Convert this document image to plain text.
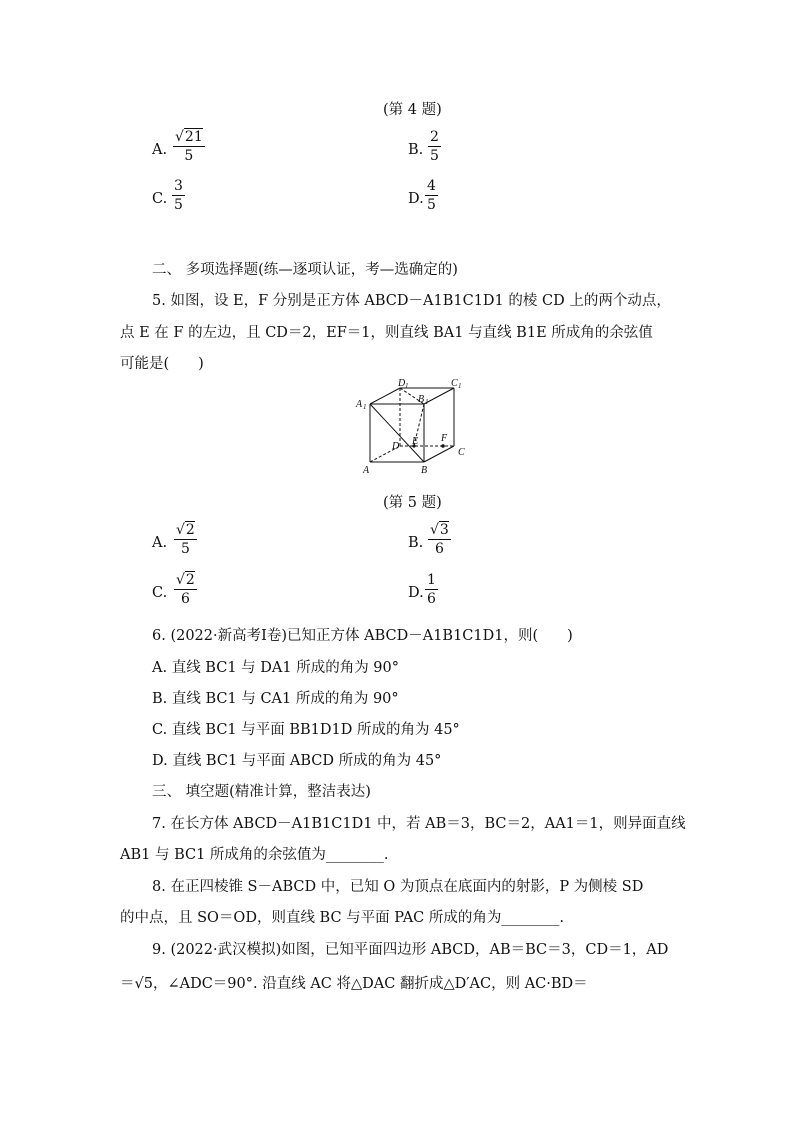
(第 4 题)
A.
√21
5	B.
2
5
C.
3
5	D.
4
5
二、 多项选择题(练—逐项认证，考—选确定的)
5. 如图，设 E，F 分别是正方体 ABCD－A1B1C1D1 的棱 CD 上的两个动点，
点 E 在 F 的左边，且 CD＝2，EF＝1，则直线 BA1 与直线 B1E 所成角的余弦值
可能是(　　)
D 1	C 1
A 1
B 1
D E F
C
A	B
(第 5 题)
A.
√2
5	B.
√3
6
C.
√2
6	D.
1
6
6. (2022·新高考Ⅰ卷)已知正方体 ABCD－A1B1C1D1，则(　　)
A. 直线 BC1 与 DA1 所成的角为 90°
B. 直线 BC1 与 CA1 所成的角为 90°
C. 直线 BC1 与平面 BB1D1D 所成的角为 45°
D. 直线 BC1 与平面 ABCD 所成的角为 45°
三、 填空题(精准计算，整洁表达)
7. 在长方体 ABCD－A1B1C1D1 中，若 AB＝3，BC＝2，AA1＝1，则异面直线
AB1 与 BC1 所成角的余弦值为________.
8. 在正四棱锥 S－ABCD 中，已知 O 为顶点在底面内的射影，P 为侧棱 SD
的中点，且 SO＝OD，则直线 BC 与平面 PAC 所成的角为________.
9. (2022·武汉模拟)如图，已知平面四边形 ABCD，AB＝BC＝3，CD＝1，AD
＝√5，∠ADC＝90°. 沿直线 AC 将△DAC 翻折成△D′AC，则 AC·BD＝
